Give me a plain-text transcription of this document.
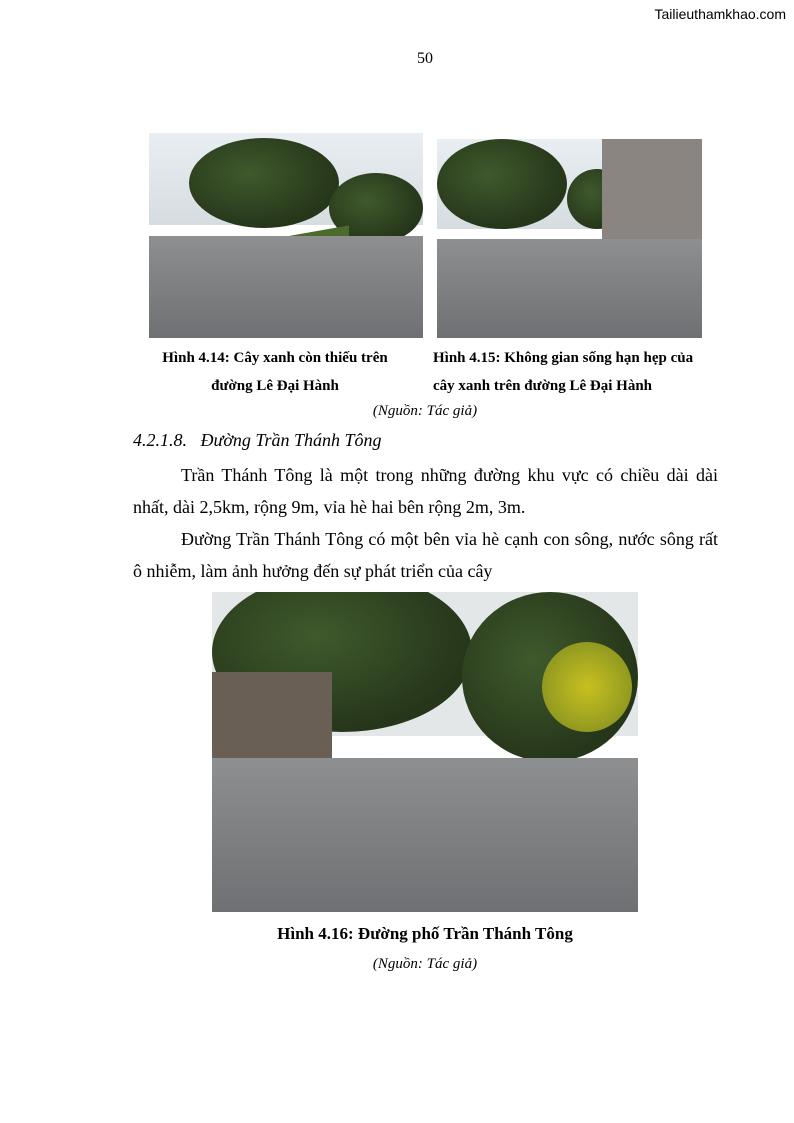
Tailieuthamkhao.com
50
Hình 4.14: Cây xanh còn thiếu trên
đường Lê Đại Hành
Hình 4.15: Không gian sống hạn hẹp của
cây xanh trên đường Lê Đại Hành
(Nguồn: Tác giả)
4.2.1.8.   Đường Trần Thánh Tông
Trần Thánh Tông là một trong những đường khu vực có chiều dài dài nhất, dài 2,5km, rộng 9m, vỉa hè hai bên rộng 2m, 3m.
Đường Trần Thánh Tông có một bên vỉa hè cạnh con sông, nước sông rất ô nhiễm, làm ảnh hưởng đến sự phát triển của cây
Hình 4.16: Đường phố Trần Thánh Tông
(Nguồn: Tác giả)
